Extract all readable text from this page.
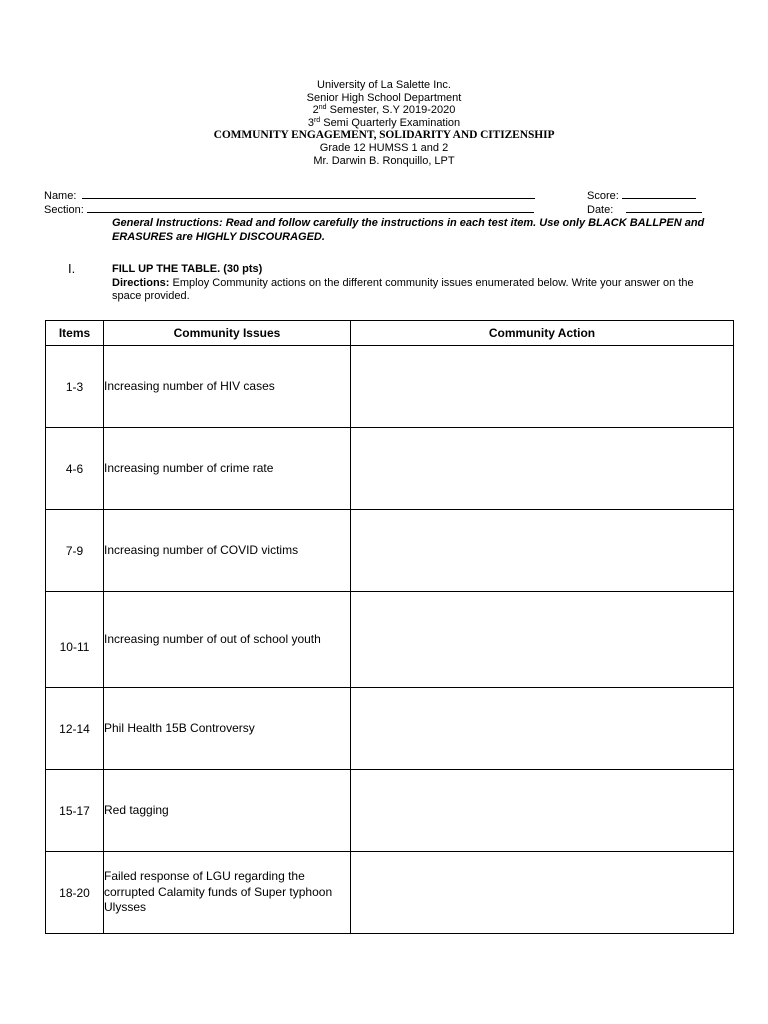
University of La Salette Inc.
Senior High School Department
2nd Semester, S.Y 2019-2020
3rd Semi Quarterly Examination
COMMUNITY ENGAGEMENT, SOLIDARITY AND CITIZENSHIP
Grade 12 HUMSS 1 and 2
Mr. Darwin B. Ronquillo, LPT
Name:
Section:
Score:
Date:
General Instructions: Read and follow carefully the instructions in each test item. Use only BLACK BALLPEN and ERASURES are HIGHLY DISCOURAGED.
I.	FILL UP THE TABLE. (30 pts)
Directions: Employ Community actions on the different community issues enumerated below. Write your answer on the space provided.
Items	Community Issues	Community Action
1-3	Increasing number of HIV cases	
4-6	Increasing number of crime rate	
7-9	Increasing number of COVID victims	
10-11	Increasing number of out of school youth	
12-14	Phil Health 15B Controversy	
15-17	Red tagging	
18-20	Failed response of LGU regarding the corrupted Calamity funds of Super typhoon Ulysses	
